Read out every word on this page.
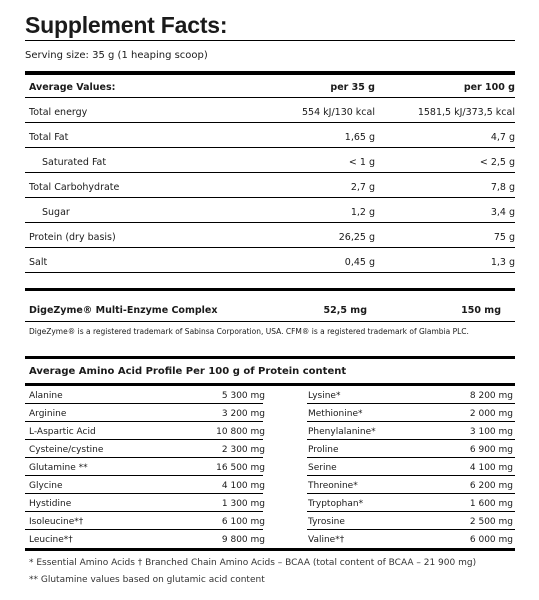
Supplement Facts:
Serving size: 35 g (1 heaping scoop)
Average Values:	per 35 g	per 100 g
Total energy	554 kJ/130 kcal	1581,5 kJ/373,5 kcal
Total Fat	1,65 g	4,7 g
Saturated Fat	< 1 g	< 2,5 g
Total Carbohydrate	2,7 g	7,8 g
Sugar	1,2 g	3,4 g
Protein (dry basis)	26,25 g	75 g
Salt	0,45 g	1,3 g
DigeZyme® Multi-Enzyme Complex	52,5 mg	150 mg
DigeZyme® is a registered trademark of Sabinsa Corporation, USA. CFM® is a registered trademark of Glambia PLC.
Average Amino Acid Profile Per 100 g of Protein content
Alanine	5 300 mg	Lysine*	8 200 mg
Arginine	3 200 mg	Methionine*	2 000 mg
L-Aspartic Acid	10 800 mg	Phenylalanine*	3 100 mg
Cysteine/cystine	2 300 mg	Proline	6 900 mg
Glutamine **	16 500 mg	Serine	4 100 mg
Glycine	4 100 mg	Threonine*	6 200 mg
Hystidine	1 300 mg	Tryptophan*	1 600 mg
Isoleucine*†	6 100 mg	Tyrosine	2 500 mg
Leucine*†	9 800 mg	Valine*†	6 000 mg
* Essential Amino Acids † Branched Chain Amino Acids – BCAA (total content of BCAA – 21 900 mg)
** Glutamine values based on glutamic acid content
